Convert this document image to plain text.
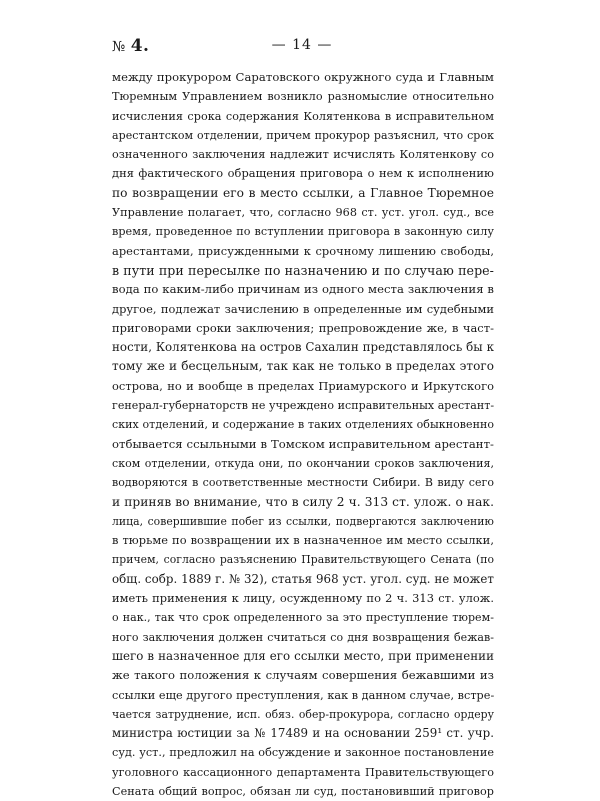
№ 4.	— 14 —
между прокурором Саратовского окружного суда и Главным
Тюремным Управлением возникло разномыслие относительно
исчисления срока содержания Колятенкова в исправительном
арестантском отделении, причем прокурор разъяснил, что срок
означенного заключения надлежит исчислять Колятенкову со
дня фактического обращения приговора о нем к исполнению
по возвращении его в место ссылки, а Главное Тюремное
Управление полагает, что, согласно 968 ст. уст. угол. суд., все
время, проведенное по вступлении приговора в законную силу
арестантами, присужденными к срочному лишению свободы,
в пути при пересылке по назначению и по случаю пере-
вода по каким-либо причинам из одного места заключения в
другое, подлежат зачислению в определенные им судебными
приговорами сроки заключения; препровождение же, в част-
ности, Колятенкова на остров Сахалин представлялось бы к
тому же и бесцельным, так как не только в пределах этого
острова, но и вообще в пределах Приамурского и Иркутского
генерал-губернаторств не учреждено исправительных арестант-
ских отделений, и содержание в таких отделениях обыкновенно
отбывается ссыльными в Томском исправительном арестант-
ском отделении, откуда они, по окончании сроков заключения,
водворяются в соответственные местности Сибири. В виду сего
и приняв во внимание, что в силу 2 ч. 313 ст. улож. о нак.
лица, совершившие побег из ссылки, подвергаются заключению
в тюрьме по возвращении их в назначенное им место ссылки,
причем, согласно разъяснению Правительствующего Сената (по
общ. собр. 1889 г. № 32), статья 968 уст. угол. суд. не может
иметь применения к лицу, осужденному по 2 ч. 313 ст. улож.
о нак., так что срок определенного за это преступление тюрем-
ного заключения должен считаться со дня возвращения бежав-
шего в назначенное для его ссылки место, при применении
же такого положения к случаям совершения бежавшими из
ссылки еще другого преступления, как в данном случае, встре-
чается затруднение, исп. обяз. обер-прокурора, согласно ордеру
министра юстиции за № 17489 и на основании 259¹ ст. учр.
суд. уст., предложил на обсуждение и законное постановление
уголовного кассационного департамента Правительствующего
Сената общий вопрос, обязан ли суд, постановивший приговор
